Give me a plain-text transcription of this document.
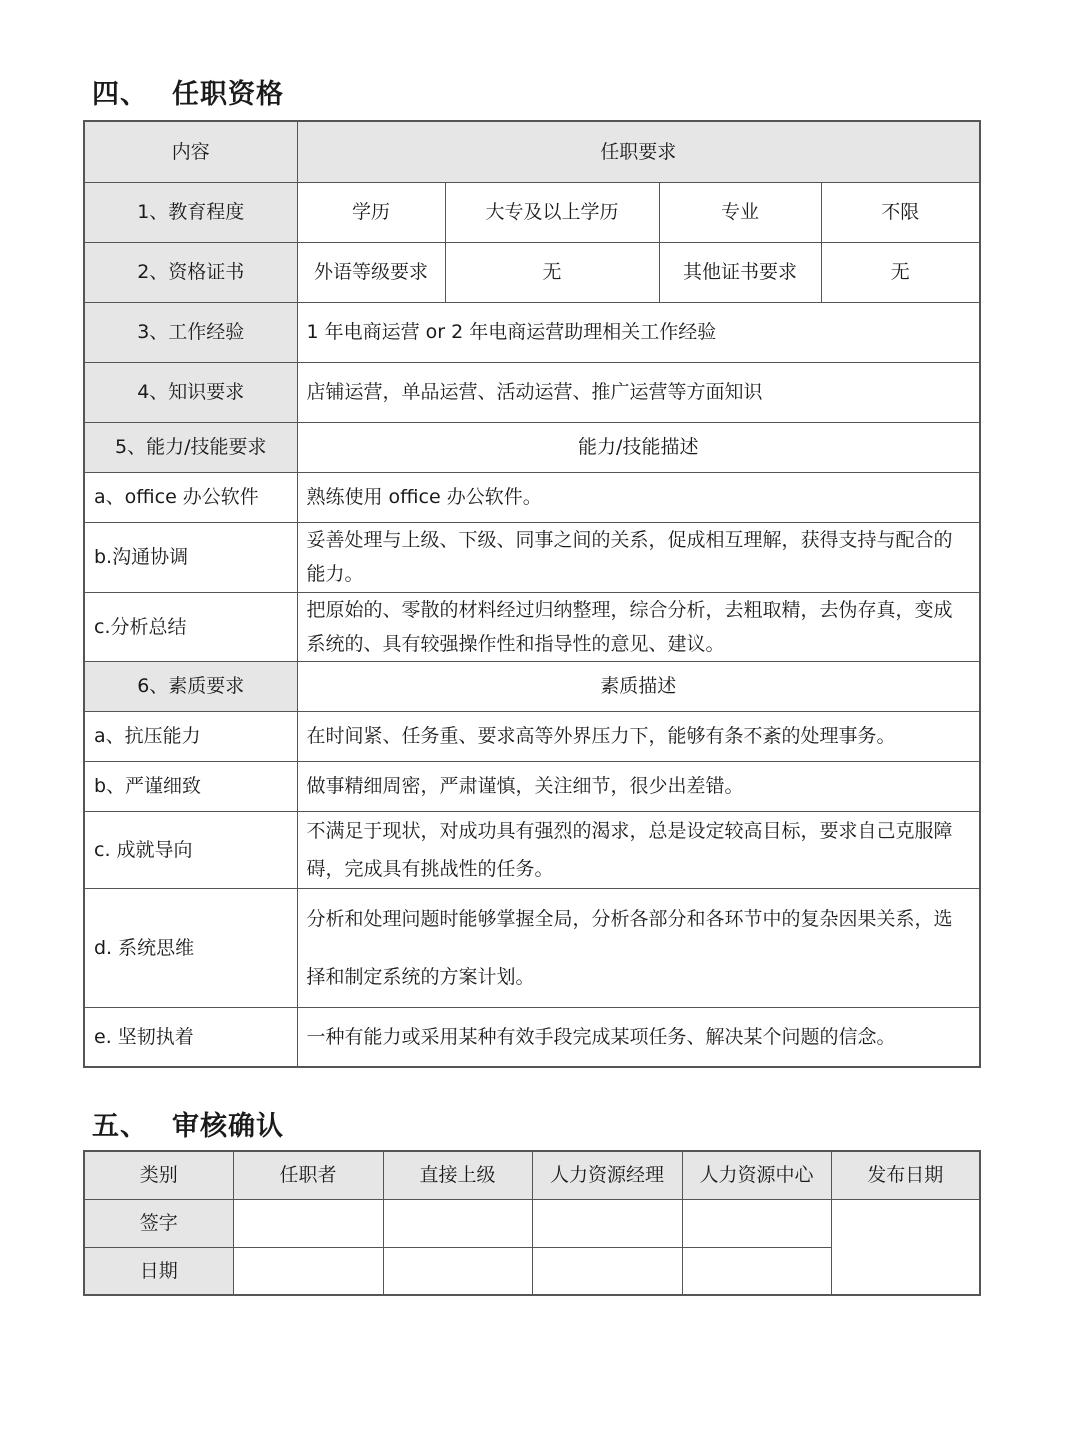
四、 任职资格
内容	任职要求			
1、教育程度	学历	大专及以上学历	专业	不限
2、资格证书	外语等级要求	无	其他证书要求	无
3、工作经验	1 年电商运营 or 2 年电商运营助理相关工作经验			
4、知识要求	店铺运营，单品运营、活动运营、推广运营等方面知识			
5、能力/技能要求	能力/技能描述			
a、office 办公软件	熟练使用 office 办公软件。			
b.沟通协调	妥善处理与上级、下级、同事之间的关系，促成相互理解，获得支持与配合的能力。			
c.分析总结	把原始的、零散的材料经过归纳整理，综合分析，去粗取精，去伪存真，变成系统的、具有较强操作性和指导性的意见、建议。			
6、素质要求	素质描述			
a、抗压能力	在时间紧、任务重、要求高等外界压力下，能够有条不紊的处理事务。			
b、严谨细致	做事精细周密，严肃谨慎，关注细节，很少出差错。			
c. 成就导向	不满足于现状，对成功具有强烈的渴求，总是设定较高目标，要求自己克服障碍，完成具有挑战性的任务。			
d. 系统思维	分析和处理问题时能够掌握全局，分析各部分和各环节中的复杂因果关系，选择和制定系统的方案计划。			
e. 坚韧执着	一种有能力或采用某种有效手段完成某项任务、解决某个问题的信念。			
五、 审核确认
类别	任职者	直接上级	人力资源经理	人力资源中心	发布日期
签字					
日期					
